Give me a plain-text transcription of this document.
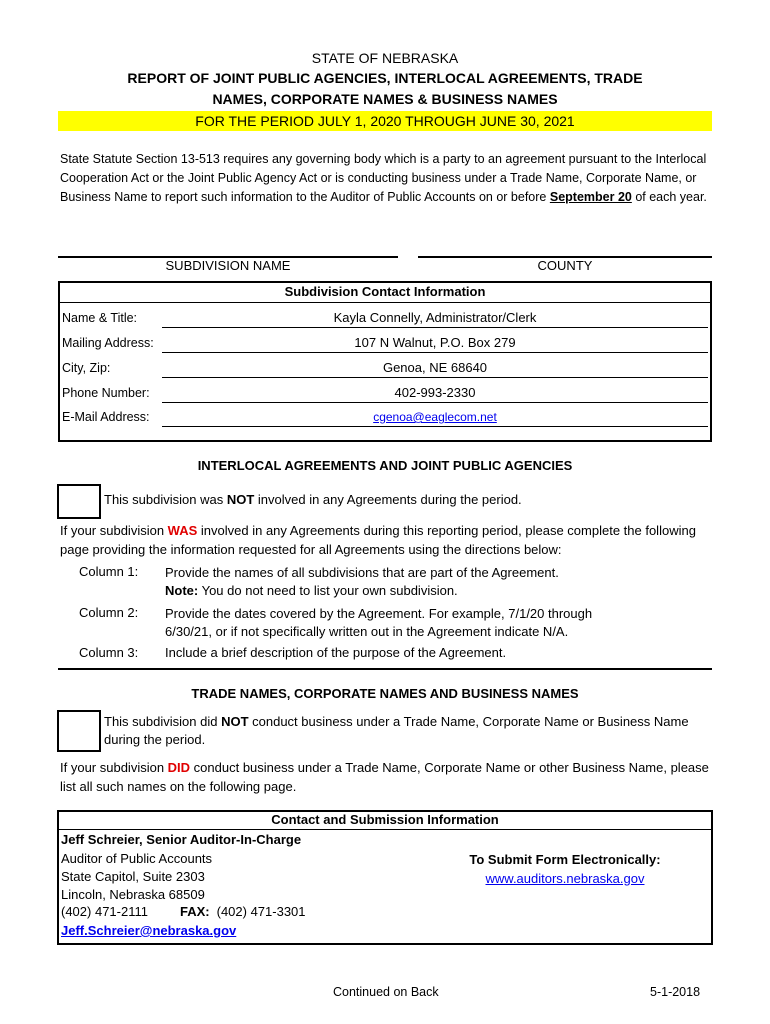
STATE OF NEBRASKA
REPORT OF JOINT PUBLIC AGENCIES, INTERLOCAL AGREEMENTS, TRADE
NAMES, CORPORATE NAMES & BUSINESS NAMES
FOR THE PERIOD JULY 1, 2020 THROUGH JUNE 30, 2021
State Statute Section 13-513 requires any governing body which is a party to an agreement pursuant to the Interlocal Cooperation Act or the Joint Public Agency Act or is conducting business under a Trade Name, Corporate Name, or Business Name to report such information to the Auditor of Public Accounts on or before September 20 of each year.
SUBDIVISION NAME	COUNTY
Subdivision Contact Information
Name & Title:	Kayla Connelly, Administrator/Clerk
Mailing Address:	107 N Walnut, P.O. Box 279
City, Zip:	Genoa, NE 68640
Phone Number:	402-993-2330
E-Mail Address:	cgenoa@eaglecom.net
INTERLOCAL AGREEMENTS AND JOINT PUBLIC AGENCIES
This subdivision was NOT involved in any Agreements during the period.
If your subdivision WAS involved in any Agreements during this reporting period, please complete the following page providing the information requested for all Agreements using the directions below:
Column 1: Provide the names of all subdivisions that are part of the Agreement.
Note: You do not need to list your own subdivision.
Column 2: Provide the dates covered by the Agreement. For example, 7/1/20 through 6/30/21, or if not specifically written out in the Agreement indicate N/A.
Column 3: Include a brief description of the purpose of the Agreement.
TRADE NAMES, CORPORATE NAMES AND BUSINESS NAMES
This subdivision did NOT conduct business under a Trade Name, Corporate Name or Business Name during the period.
If your subdivision DID conduct business under a Trade Name, Corporate Name or other Business Name, please list all such names on the following page.
Contact and Submission Information
Jeff Schreier, Senior Auditor-In-Charge
Auditor of Public Accounts
State Capitol, Suite 2303
Lincoln, Nebraska 68509
(402) 471-2111 FAX: (402) 471-3301
Jeff.Schreier@nebraska.gov
To Submit Form Electronically:
www.auditors.nebraska.gov
Continued on Back	5-1-2018
